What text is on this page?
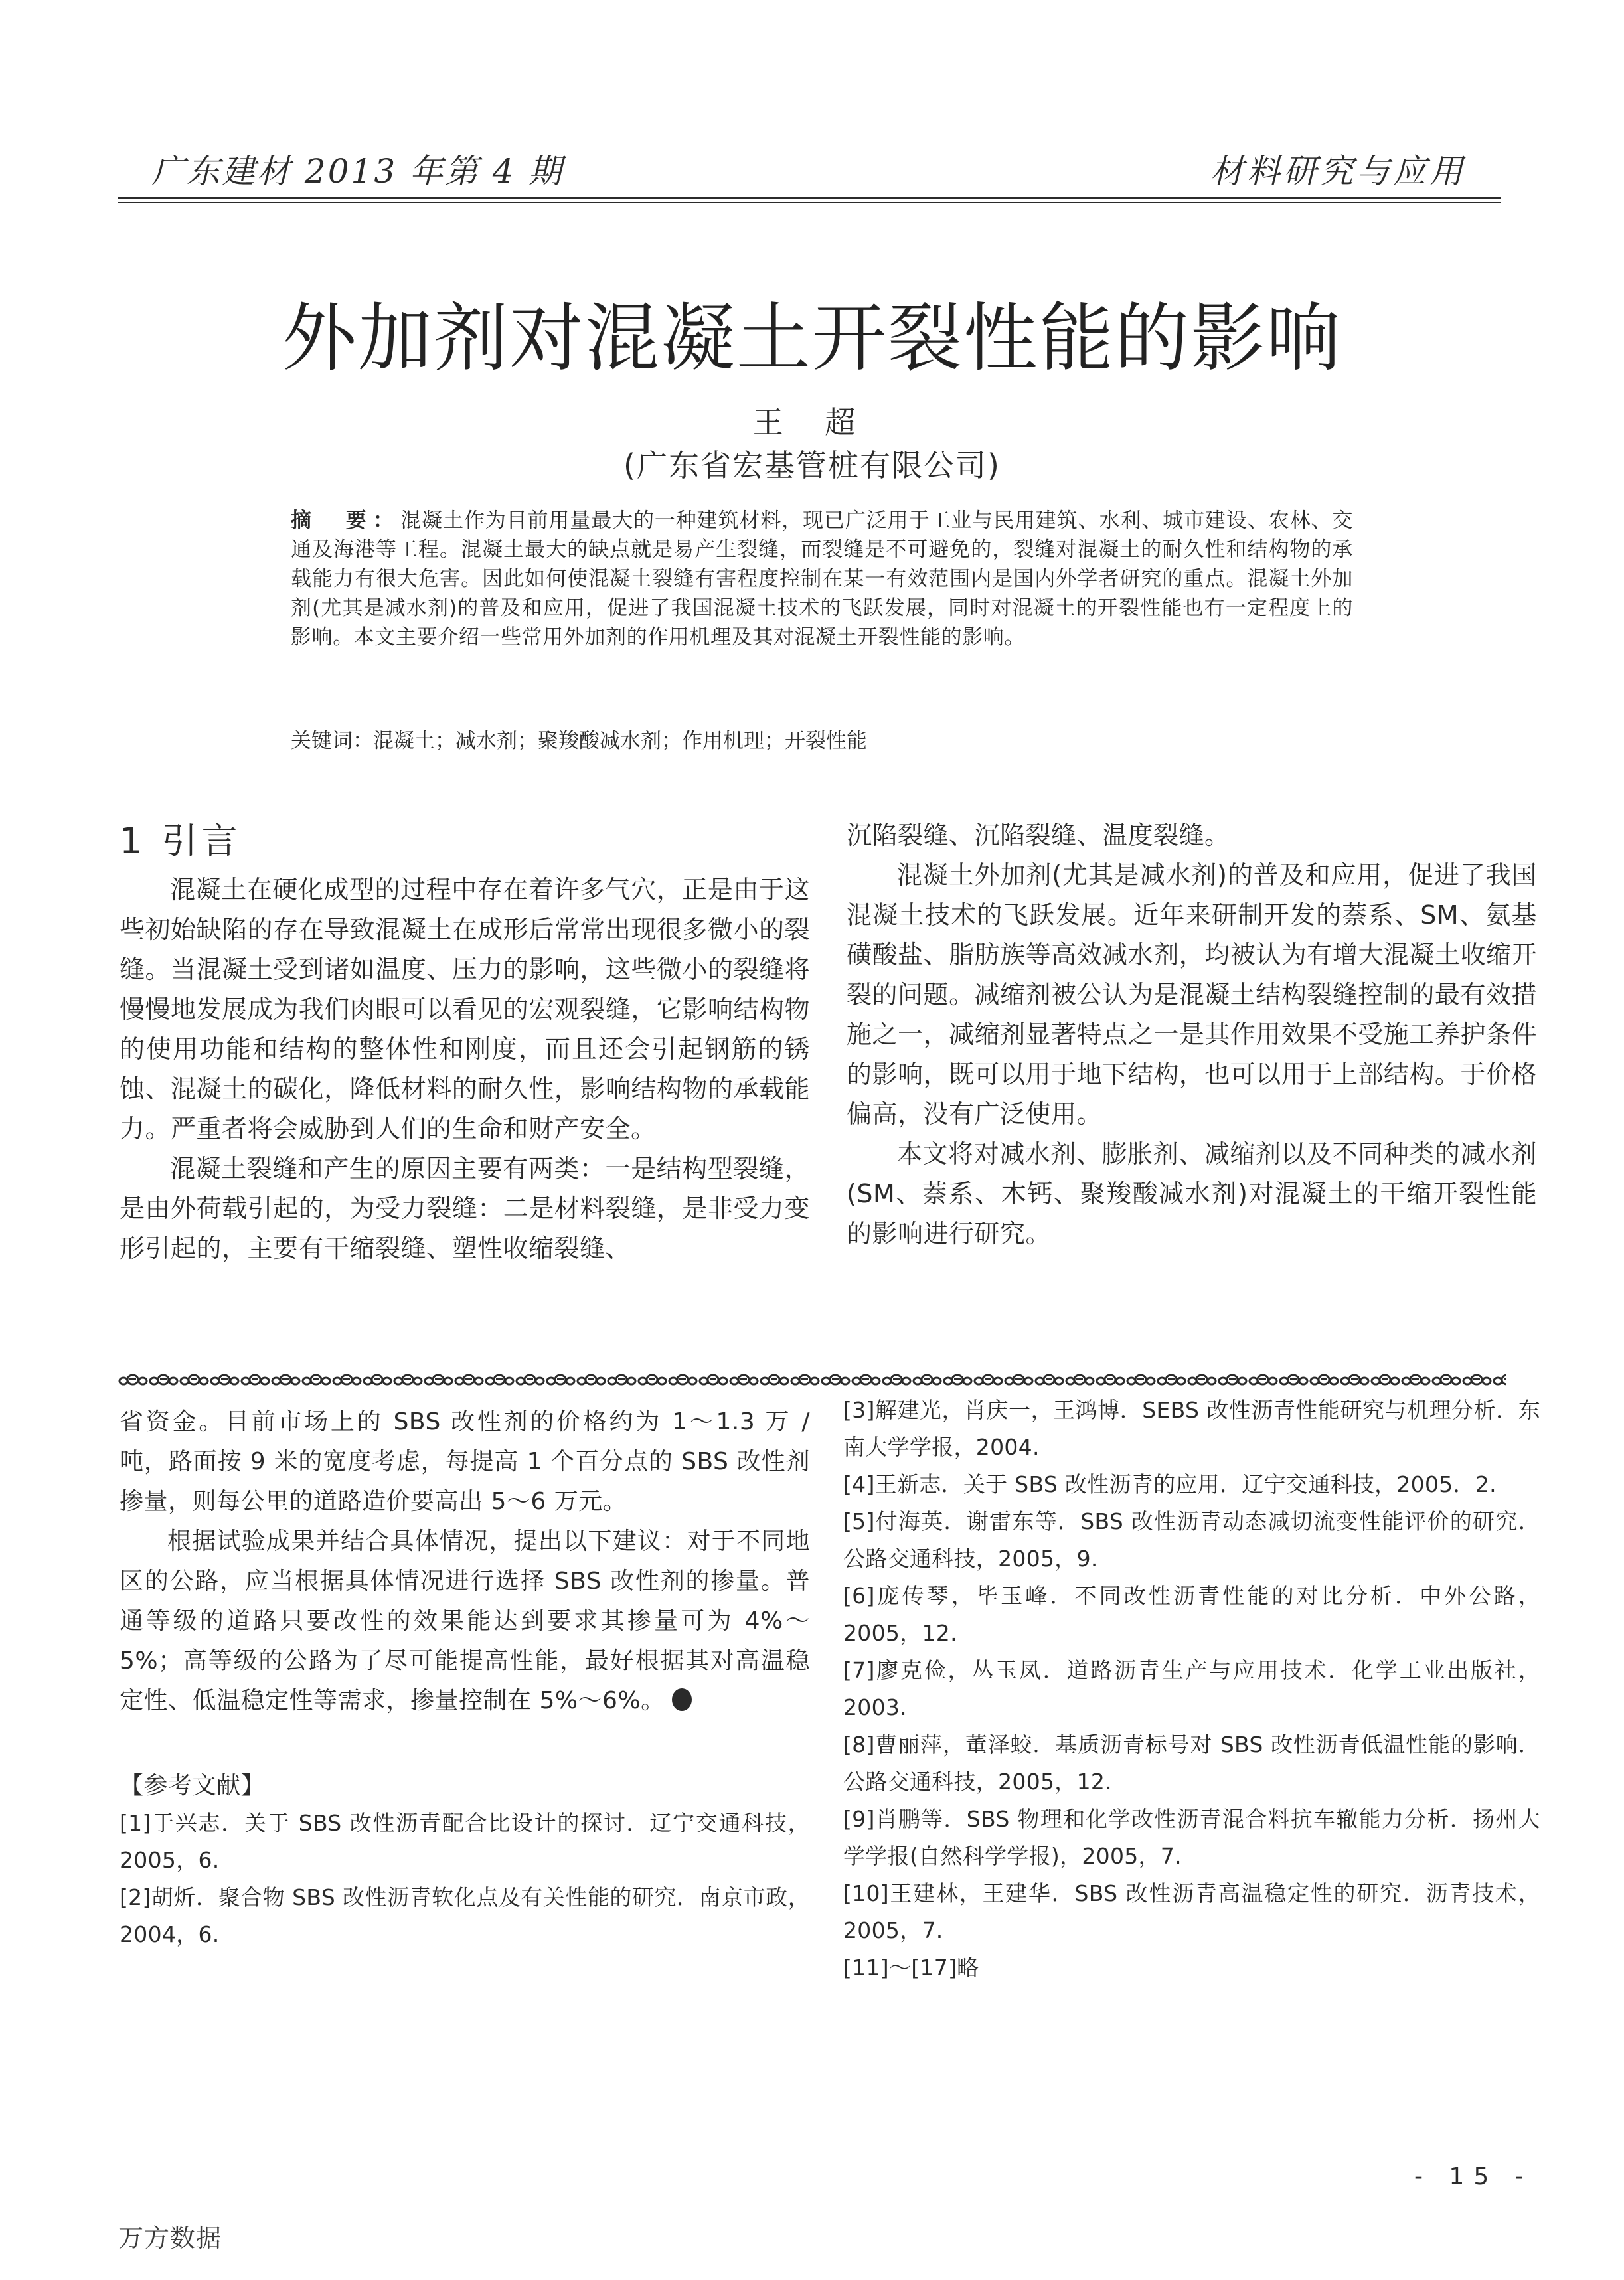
广东建材 2013 年第 4 期	材料研究与应用
外加剂对混凝土开裂性能的影响
王 超
(广东省宏基管桩有限公司)
摘　要：混凝土作为目前用量最大的一种建筑材料，现已广泛用于工业与民用建筑、水利、城市建设、农林、交通及海港等工程。混凝土最大的缺点就是易产生裂缝，而裂缝是不可避免的，裂缝对混凝土的耐久性和结构物的承载能力有很大危害。因此如何使混凝土裂缝有害程度控制在某一有效范围内是国内外学者研究的重点。混凝土外加剂(尤其是减水剂)的普及和应用，促进了我国混凝土技术的飞跃发展，同时对混凝土的开裂性能也有一定程度上的影响。本文主要介绍一些常用外加剂的作用机理及其对混凝土开裂性能的影响。
关键词：混凝土；减水剂；聚羧酸减水剂；作用机理；开裂性能

1 引言

混凝土在硬化成型的过程中存在着许多气穴，正是由于这些初始缺陷的存在导致混凝土在成形后常常出现很多微小的裂缝。当混凝土受到诸如温度、压力的影响，这些微小的裂缝将慢慢地发展成为我们肉眼可以看见的宏观裂缝，它影响结构物的使用功能和结构的整体性和刚度，而且还会引起钢筋的锈蚀、混凝土的碳化，降低材料的耐久性，影响结构物的承载能力。严重者将会威胁到人们的生命和财产安全。

混凝土裂缝和产生的原因主要有两类：一是结构型裂缝，是由外荷载引起的，为受力裂缝：二是材料裂缝，是非受力变形引起的，主要有干缩裂缝、塑性收缩裂缝、

沉陷裂缝、沉陷裂缝、温度裂缝。

混凝土外加剂(尤其是减水剂)的普及和应用，促进了我国混凝土技术的飞跃发展。近年来研制开发的萘系、SM、氨基磺酸盐、脂肪族等高效减水剂，均被认为有增大混凝土收缩开裂的问题。减缩剂被公认为是混凝土结构裂缝控制的最有效措施之一，减缩剂显著特点之一是其作用效果不受施工养护条件的影响，既可以用于地下结构，也可以用于上部结构。于价格偏高，没有广泛使用。

本文将对减水剂、膨胀剂、减缩剂以及不同种类的减水剂(SM、萘系、木钙、聚羧酸减水剂)对混凝土的干缩开裂性能的影响进行研究。

省资金。目前市场上的 SBS 改性剂的价格约为 1～1.3 万 / 吨，路面按 9 米的宽度考虑，每提高 1 个百分点的 SBS 改性剂掺量，则每公里的道路造价要高出 5～6 万元。

根据试验成果并结合具体情况，提出以下建议：对于不同地区的公路，应当根据具体情况进行选择 SBS 改性剂的掺量。普通等级的道路只要改性的效果能达到要求其掺量可为 4%～5%；高等级的公路为了尽可能提高性能，最好根据其对高温稳定性、低温稳定性等需求，掺量控制在 5%～6%。

【参考文献】

[1]于兴志．关于 SBS 改性沥青配合比设计的探讨．辽宁交通科技，2005，6.

[2]胡炘．聚合物 SBS 改性沥青软化点及有关性能的研究．南京市政，2004，6.

[3]解建光，肖庆一，王鸿博．SEBS 改性沥青性能研究与机理分析．东南大学学报，2004.

[4]王新志．关于 SBS 改性沥青的应用．辽宁交通科技，2005．2.

[5]付海英．谢雷东等．SBS 改性沥青动态减切流变性能评价的研究．公路交通科技，2005，9.

[6]庞传琴，毕玉峰．不同改性沥青性能的对比分析．中外公路，2005，12.

[7]廖克俭，丛玉凤．道路沥青生产与应用技术．化学工业出版社，2003.

[8]曹丽萍，董泽蛟．基质沥青标号对 SBS 改性沥青低温性能的影响．公路交通科技，2005，12.

[9]肖鹏等．SBS 物理和化学改性沥青混合料抗车辙能力分析．扬州大学学报(自然科学学报)，2005，7.

[10]王建林，王建华．SBS 改性沥青高温稳定性的研究．沥青技术，2005，7.

[11]～[17]略

- 15 -
万方数据
